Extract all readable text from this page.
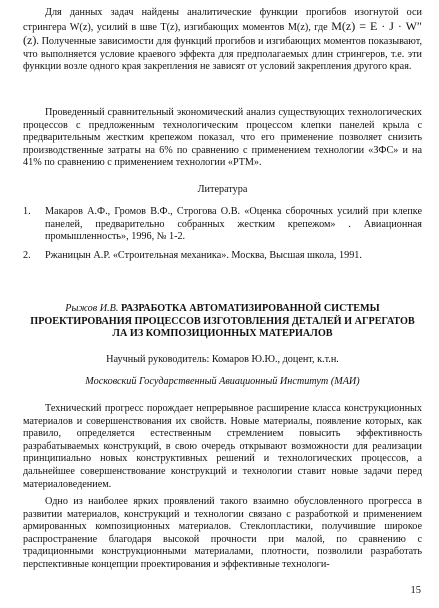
Для данных задач найдены аналитические функции прогибов изогнутой оси стрингера W(z), усилий в шве T(z), изгибающих моментов M(z), где M(z) = E · J · W″(z). Полученные зависимости для функций прогибов и изгибающих моментов показывают, что выполняется условие краевого эффекта для предполагаемых длин стрингеров, т.е. эти функции возле одного края закрепления не зависят от условий закрепления другого края.
Проведенный сравнительный экономический анализ существующих технологических процессов с предложенным технологическим процессом клепки панелей крыла с предварительным жестким крепежом показал, что его применение позволяет снизить производственные затраты на 6% по сравнению с применением технологии «ЗФС» и на 41% по сравнению с применением технологии «РТМ».
Литература
1.	Макаров А.Ф., Громов В.Ф., Строгова О.В. «Оценка сборочных усилий при клепке панелей, предварительно собранных жестким крепежом» . Авиационная промышленность», 1996, № 1-2.
2.	Ржаницын А.Р. «Строительная механика». Москва, Высшая школа, 1991.
Рыжов И.В. РАЗРАБОТКА АВТОМАТИЗИРОВАННОЙ СИСТЕМЫ ПРОЕКТИРОВАНИЯ ПРОЦЕССОВ ИЗГОТОВЛЕНИЯ ДЕТАЛЕЙ И АГРЕГАТОВ ЛА ИЗ КОМПОЗИЦИОННЫХ МАТЕРИАЛОВ
Научный руководитель: Комаров Ю.Ю., доцент, к.т.н.
Московский Государственный Авиационный Институт (МАИ)
Технический прогресс порождает непрерывное расширение класса конструкционных материалов и совершенствования их свойств. Новые материалы, появление которых, как правило, определяется естественным стремлением повысить эффективность разрабатываемых конструкций, в свою очередь открывают возможности для реализации принципиально новых конструктивных решений и технологических процессов, а дальнейшее совершенствование конструкций и технологии ставит новые задачи перед материаловедением.
Одно из наиболее ярких проявлений такого взаимно обусловленного прогресса в развитии материалов, конструкций и технологии связано с разработкой и применением армированных композиционных материалов. Стеклопластики, получившие широкое распространение благодаря высокой прочности при малой, по сравнению с традиционными конструкционными материалами, плотности, позволили разработать перспективные концепции проектирования и эффективные технологи-
15
